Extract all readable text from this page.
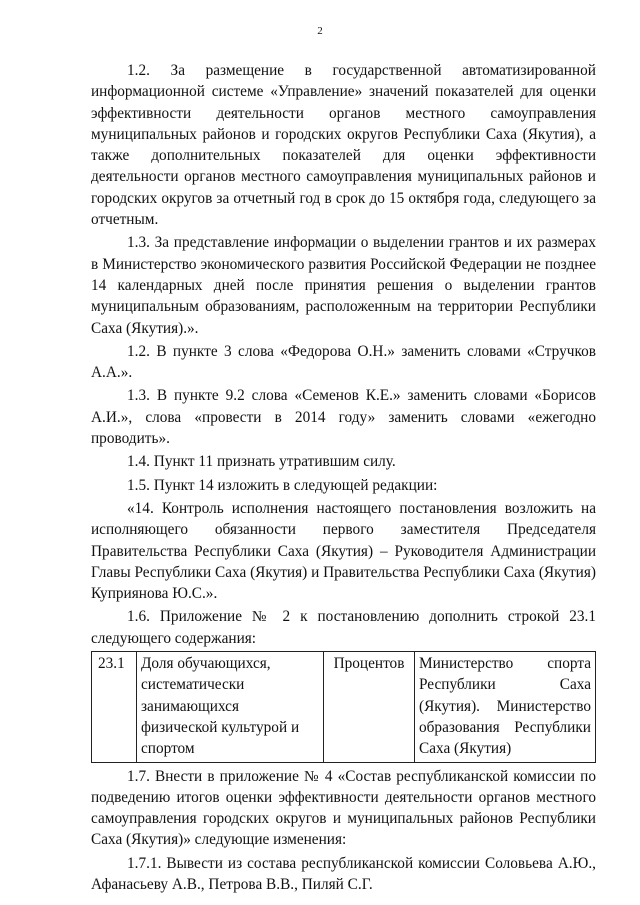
2

1.2. За размещение в государственной автоматизированной информационной системе «Управление» значений показателей для оценки эффективности деятельности органов местного самоуправления муниципальных районов и городских округов Республики Саха (Якутия), а также дополнительных показателей для оценки эффективности деятельности органов местного самоуправления муниципальных районов и городских округов за отчетный год в срок до 15 октября года, следующего за отчетным.

1.3. За представление информации о выделении грантов и их размерах в Министерство экономического развития Российской Федерации не позднее 14 календарных дней после принятия решения о выделении грантов муниципальным образованиям, расположенным на территории Республики Саха (Якутия).».

1.2. В пункте 3 слова «Федорова О.Н.» заменить словами «Стручков А.А.».

1.3. В пункте 9.2 слова «Семенов К.Е.» заменить словами «Борисов А.И.», слова «провести в 2014 году» заменить словами «ежегодно проводить».

1.4. Пункт 11 признать утратившим силу.

1.5. Пункт 14 изложить в следующей редакции:

«14. Контроль исполнения настоящего постановления возложить на исполняющего обязанности первого заместителя Председателя Правительства Республики Саха (Якутия) – Руководителя Администрации Главы Республики Саха (Якутия) и Правительства Республики Саха (Якутия) Куприянова Ю.С.».

1.6. Приложение № 2 к постановлению дополнить строкой 23.1 следующего содержания:

23.1	Доля обучающихся, систематически занимающихся физической культурой и спортом	Процентов	Министерство спорта Республики Саха (Якутия). Министерство образования Республики Саха (Якутия)

1.7. Внести в приложение № 4 «Состав республиканской комиссии по подведению итогов оценки эффективности деятельности органов местного самоуправления городских округов и муниципальных районов Республики Саха (Якутия)» следующие изменения:

1.7.1. Вывести из состава республиканской комиссии Соловьева А.Ю., Афанасьеву А.В., Петрова В.В., Пиляй С.Г.
